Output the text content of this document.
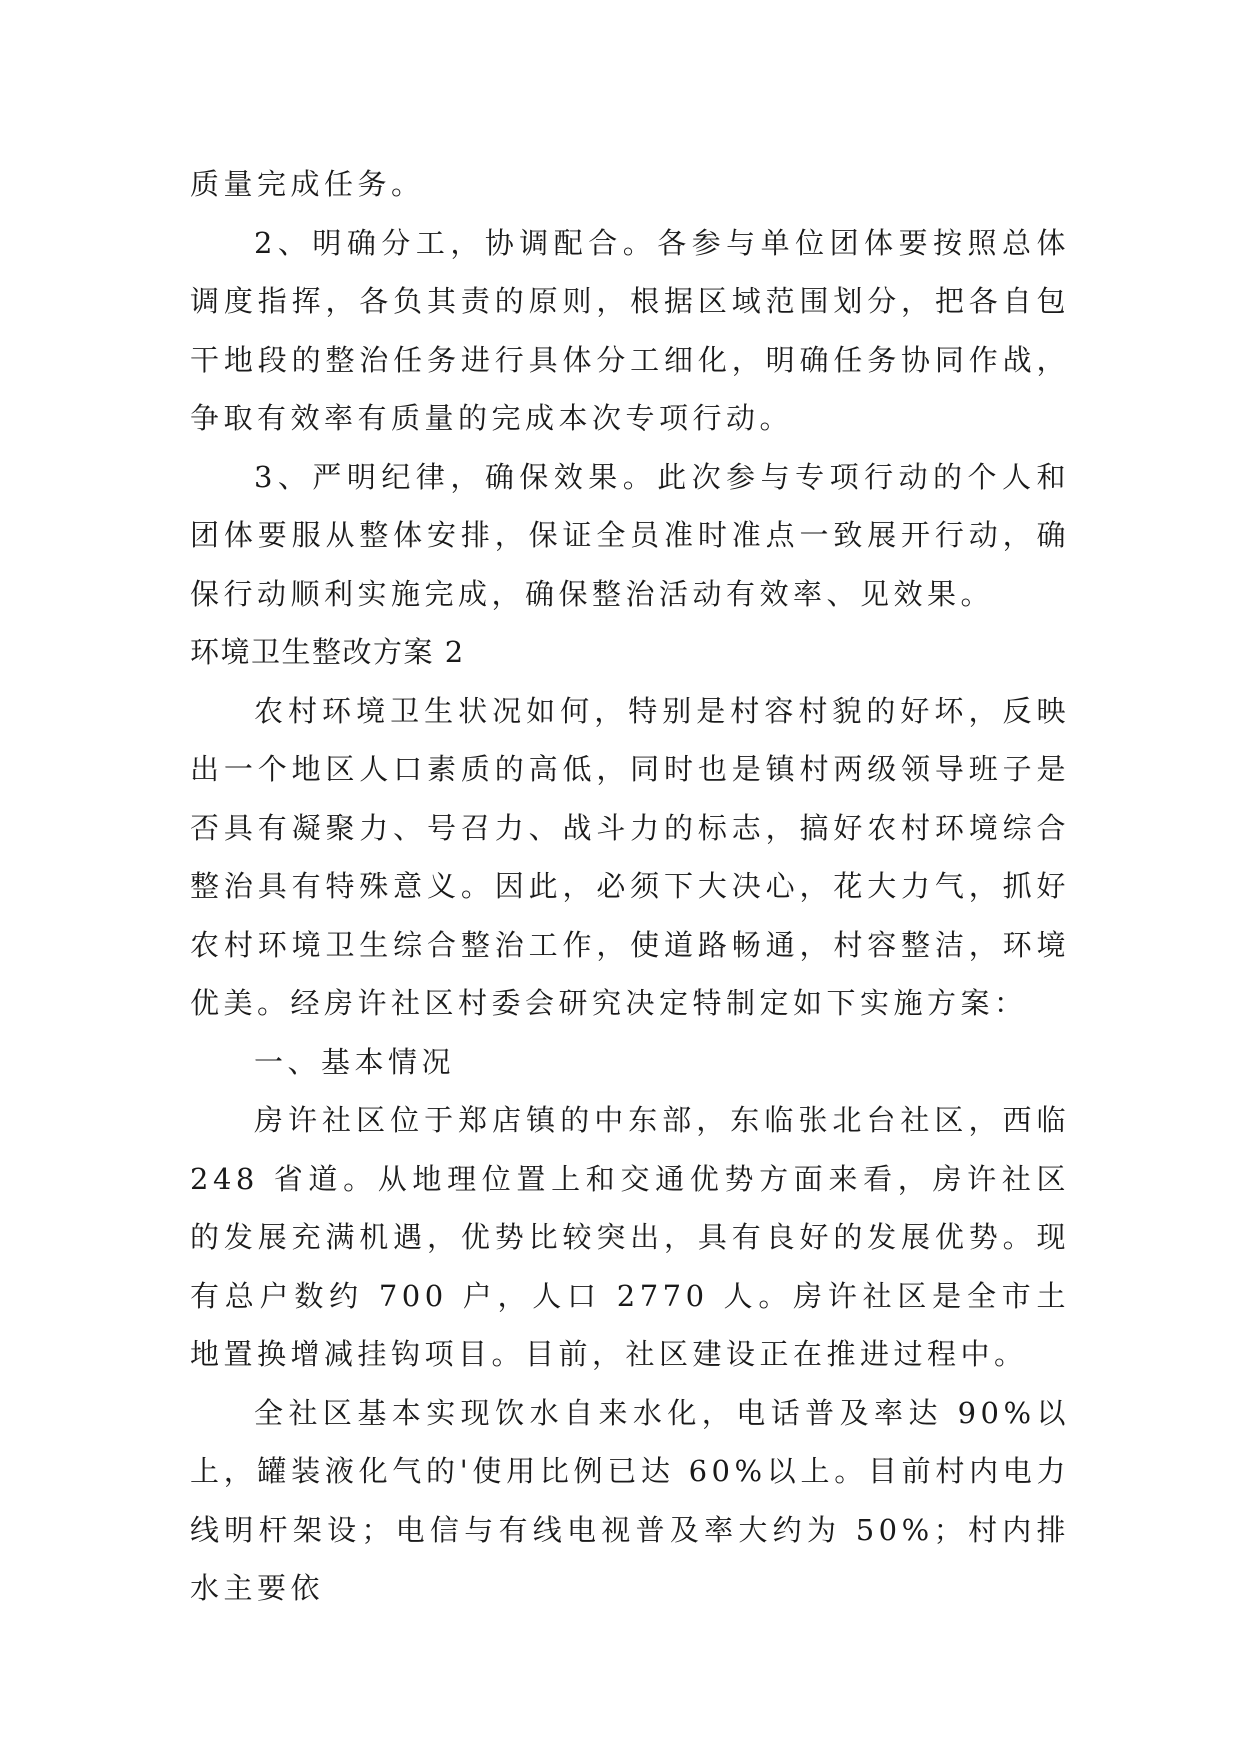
质量完成任务。

2、明确分工，协调配合。各参与单位团体要按照总体调度指挥，各负其责的原则，根据区域范围划分，把各自包干地段的整治任务进行具体分工细化，明确任务协同作战，争取有效率有质量的完成本次专项行动。

3、严明纪律，确保效果。此次参与专项行动的个人和团体要服从整体安排，保证全员准时准点一致展开行动，确保行动顺利实施完成，确保整治活动有效率、见效果。

环境卫生整改方案 2

农村环境卫生状况如何，特别是村容村貌的好坏，反映出一个地区人口素质的高低，同时也是镇村两级领导班子是否具有凝聚力、号召力、战斗力的标志，搞好农村环境综合整治具有特殊意义。因此，必须下大决心，花大力气，抓好农村环境卫生综合整治工作，使道路畅通，村容整洁，环境优美。经房许社区村委会研究决定特制定如下实施方案：

一、基本情况

房许社区位于郑店镇的中东部，东临张北台社区，西临 248 省道。从地理位置上和交通优势方面来看，房许社区的发展充满机遇，优势比较突出，具有良好的发展优势。现有总户数约 700 户，人口 2770 人。房许社区是全市土地置换增减挂钩项目。目前，社区建设正在推进过程中。

全社区基本实现饮水自来水化，电话普及率达 90%以上，罐装液化气的'使用比例已达 60%以上。目前村内电力线明杆架设；电信与有线电视普及率大约为 50%；村内排水主要依
